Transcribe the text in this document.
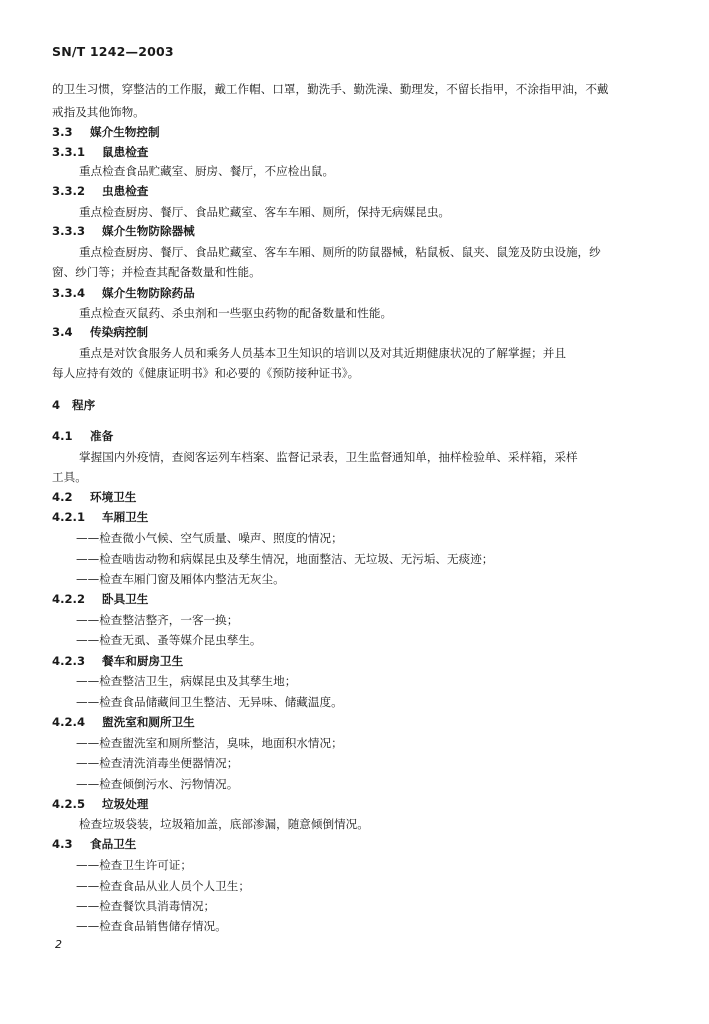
SN/T 1242—2003
的卫生习惯，穿整洁的工作服，戴工作帽、口罩，勤洗手、勤洗澡、勤理发，不留长指甲，不涂指甲油，不戴
戒指及其他饰物。
3.3 媒介生物控制
3.3.1 鼠患检查
重点检查食品贮藏室、厨房、餐厅，不应检出鼠。
3.3.2 虫患检查
重点检查厨房、餐厅、食品贮藏室、客车车厢、厕所，保持无病媒昆虫。
3.3.3 媒介生物防除器械
重点检查厨房、餐厅、食品贮藏室、客车车厢、厕所的防鼠器械，粘鼠板、鼠夹、鼠笼及防虫设施，纱
窗、纱门等；并检查其配备数量和性能。
3.3.4 媒介生物防除药品
重点检查灭鼠药、杀虫剂和一些驱虫药物的配备数量和性能。
3.4 传染病控制
重点是对饮食服务人员和乘务人员基本卫生知识的培训以及对其近期健康状况的了解掌握；并且
每人应持有效的《健康证明书》和必要的《预防接种证书》。
4 程序
4.1 准备
掌握国内外疫情，查阅客运列车档案、监督记录表，卫生监督通知单，抽样检验单、采样箱，采样
工具。
4.2 环境卫生
4.2.1 车厢卫生
——检查微小气候、空气质量、噪声、照度的情况；
——检查啮齿动物和病媒昆虫及孳生情况，地面整洁、无垃圾、无污垢、无痰迹；
——检查车厢门窗及厢体内整洁无灰尘。
4.2.2 卧具卫生
——检查整洁整齐，一客一换；
——检查无虱、蚤等媒介昆虫孳生。
4.2.3 餐车和厨房卫生
——检查整洁卫生，病媒昆虫及其孳生地；
——检查食品储藏间卫生整洁、无异味、储藏温度。
4.2.4 盥洗室和厕所卫生
——检查盥洗室和厕所整洁，臭味，地面积水情况；
——检查清洗消毒坐便器情况；
——检查倾倒污水、污物情况。
4.2.5 垃圾处理
检查垃圾袋装，垃圾箱加盖，底部渗漏，随意倾倒情况。
4.3 食品卫生
——检查卫生许可证；
——检查食品从业人员个人卫生；
——检查餐饮具消毒情况；
——检查食品销售储存情况。
2
